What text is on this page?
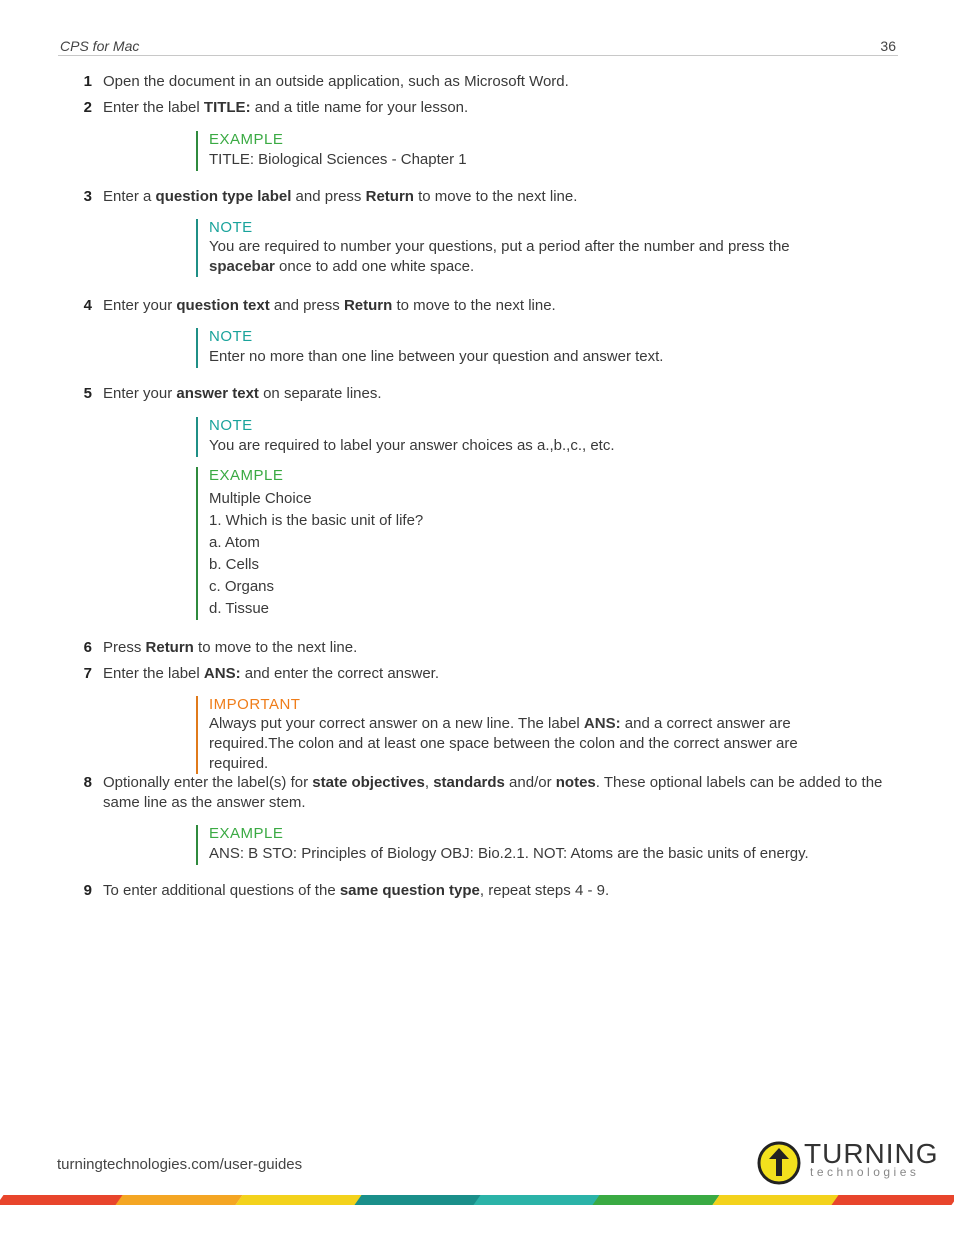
CPS for Mac	36
1 Open the document in an outside application, such as Microsoft Word.
2 Enter the label TITLE: and a title name for your lesson.
EXAMPLE
TITLE: Biological Sciences - Chapter 1
3 Enter a question type label and press Return to move to the next line.
NOTE
You are required to number your questions, put a period after the number and press the spacebar once to add one white space.
4 Enter your question text and press Return to move to the next line.
NOTE
Enter no more than one line between your question and answer text.
5 Enter your answer text on separate lines.
NOTE
You are required to label your answer choices as a.,b.,c., etc.
EXAMPLE
Multiple Choice
1. Which is the basic unit of life?
a. Atom
b. Cells
c. Organs
d. Tissue
6 Press Return to move to the next line.
7 Enter the label ANS: and enter the correct answer.
IMPORTANT
Always put your correct answer on a new line. The label ANS: and a correct answer are required.The colon and at least one space between the colon and the correct answer are required.
8 Optionally enter the label(s) for state objectives, standards and/or notes. These optional labels can be added to the same line as the answer stem.
EXAMPLE
ANS: B STO: Principles of Biology OBJ: Bio.2.1. NOT: Atoms are the basic units of energy.
9 To enter additional questions of the same question type, repeat steps 4 - 9.
turningtechnologies.com/user-guides	TURNING
technologies
